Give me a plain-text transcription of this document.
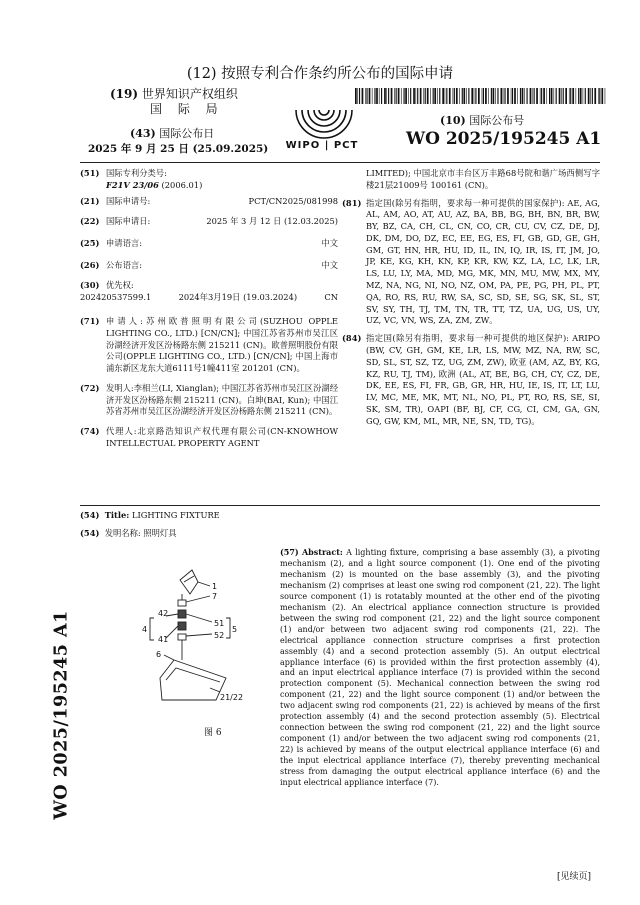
(12) 按照专利合作条约所公布的国际申请
(19) 世界知识产权组织
国 际 局
(43) 国际公布日
2025 年 9 月 25 日 (25.09.2025)	WIPO | PCT
(10) 国际公布号
WO 2025/195245 A1
(51) 国际专利分类号:
F21V 23/06 (2006.01)
(21) 国际申请号:	PCT/CN2025/081998
(22) 国际申请日:	2025 年 3 月 12 日 (12.03.2025)
(25) 申请语言:	中文
(26) 公布语言:	中文
(30) 优先权:
202420537599.1	2024年3月19日 (19.03.2024)	CN
(71) 申请人:苏州欧普照明有限公司(SUZHOU OPPLE LIGHTING CO., LTD.) [CN/CN]; 中国江苏省苏州市吴江区汾湖经济开发区汾杨路东侧 215211 (CN)。欧普照明股份有限公司(OPPLE LIGHTING CO., LTD.) [CN/CN]; 中国上海市浦东新区龙东大道6111号1幢411室 201201 (CN)。

(72) 发明人:李相兰(LI, Xianglan); 中国江苏省苏州市吴江区汾湖经济开发区汾杨路东侧 215211 (CN)。白坤(BAI, Kun); 中国江苏省苏州市吴江区汾湖经济开发区汾杨路东侧 215211 (CN)。

(74) 代理人:北京路浩知识产权代理有限公司(CN-KNOWHOW INTELLECTUAL PROPERTY AGENT

LIMITED); 中国北京市丰台区万丰路68号院和谐广场西侧写字楼21层21009号 100161 (CN)。

(81) 指定国(除另有指明，要求每一种可提供的国家保护): AE, AG, AL, AM, AO, AT, AU, AZ, BA, BB, BG, BH, BN, BR, BW, BY, BZ, CA, CH, CL, CN, CO, CR, CU, CV, CZ, DE, DJ, DK, DM, DO, DZ, EC, EE, EG, ES, FI, GB, GD, GE, GH, GM, GT, HN, HR, HU, ID, IL, IN, IQ, IR, IS, IT, JM, JO, JP, KE, KG, KH, KN, KP, KR, KW, KZ, LA, LC, LK, LR, LS, LU, LY, MA, MD, MG, MK, MN, MU, MW, MX, MY, MZ, NA, NG, NI, NO, NZ, OM, PA, PE, PG, PH, PL, PT, QA, RO, RS, RU, RW, SA, SC, SD, SE, SG, SK, SL, ST, SV, SY, TH, TJ, TM, TN, TR, TT, TZ, UA, UG, US, UY, UZ, VC, VN, WS, ZA, ZM, ZW。

(84) 指定国(除另有指明，要求每一种可提供的地区保护): ARIPO (BW, CV, GH, GM, KE, LR, LS, MW, MZ, NA, RW, SC, SD, SL, ST, SZ, TZ, UG, ZM, ZW), 欧亚 (AM, AZ, BY, KG, KZ, RU, TJ, TM), 欧洲 (AL, AT, BE, BG, CH, CY, CZ, DE, DK, EE, ES, FI, FR, GB, GR, HR, HU, IE, IS, IT, LT, LU, LV, MC, ME, MK, MT, NL, NO, PL, PT, RO, RS, SE, SI, SK, SM, TR), OAPI (BF, BJ, CF, CG, CI, CM, GA, GN, GQ, GW, KM, ML, MR, NE, SN, TD, TG)。

(54) Title: LIGHTING FIXTURE
(54) 发明名称: 照明灯具
1
7
42
51
4	5
41	52
6
21/22
图 6
(57) Abstract: A lighting fixture, comprising a base assembly (3), a pivoting mechanism (2), and a light source component (1). One end of the pivoting mechanism (2) is mounted on the base assembly (3), and the pivoting mechanism (2) comprises at least one swing rod component (21, 22). The light source component (1) is rotatably mounted at the other end of the pivoting mechanism (2). An electrical appliance connection structure is provided between the swing rod component (21, 22) and the light source component (1) and/or between two adjacent swing rod components (21, 22). The electrical appliance connection structure comprises a first protection assembly (4) and a second protection assembly (5). An output electrical appliance interface (6) is provided within the first protection assembly (4), and an input electrical appliance interface (7) is provided within the second protection component (5). Mechanical connection between the swing rod component (21, 22) and the light source component (1) and/or between the two adjacent swing rod components (21, 22) is achieved by means of the first protection assembly (4) and the second protection assembly (5). Electrical connection between the swing rod component (21, 22) and the light source component (1) and/or between the two adjacent swing rod components (21, 22) is achieved by means of the output electrical appliance interface (6) and the input electrical appliance interface (7), thereby preventing mechanical stress from damaging the output electrical appliance interface (6) and the input electrical appliance interface (7).
WO 2025/195245 A1
[见续页]
